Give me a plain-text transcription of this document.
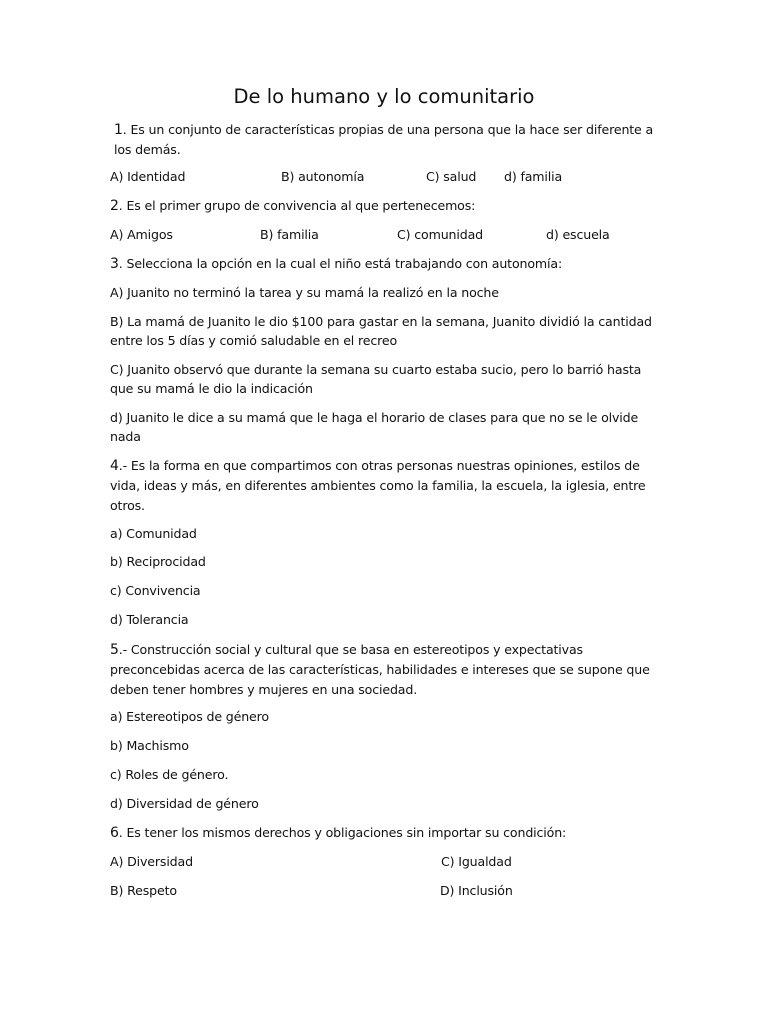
De lo humano y lo comunitario
1. Es un conjunto de características propias de una persona que la hace ser diferente a los demás.
A) Identidad	B) autonomía	C) salud	d) familia
2. Es el primer grupo de convivencia al que pertenecemos:
A) Amigos	B) familia	C) comunidad	d) escuela
3. Selecciona la opción en la cual el niño está trabajando con autonomía:
A) Juanito no terminó la tarea y su mamá la realizó en la noche
B) La mamá de Juanito le dio $100 para gastar en la semana, Juanito dividió la cantidad entre los 5 días y comió saludable en el recreo
C) Juanito observó que durante la semana su cuarto estaba sucio, pero lo barrió hasta que su mamá le dio la indicación
d) Juanito le dice a su mamá que le haga el horario de clases para que no se le olvide nada
4.- Es la forma en que compartimos con otras personas nuestras opiniones, estilos de vida, ideas y más, en diferentes ambientes como la familia, la escuela, la iglesia, entre otros.
a) Comunidad
b) Reciprocidad
c) Convivencia
d) Tolerancia
5.- Construcción social y cultural que se basa en estereotipos y expectativas preconcebidas acerca de las características, habilidades e intereses que se supone que deben tener hombres y mujeres en una sociedad.
a) Estereotipos de género
b) Machismo
c) Roles de género.
d) Diversidad de género
6. Es tener los mismos derechos y obligaciones sin importar su condición:
A) Diversidad	C) Igualdad
B) Respeto	D) Inclusión
